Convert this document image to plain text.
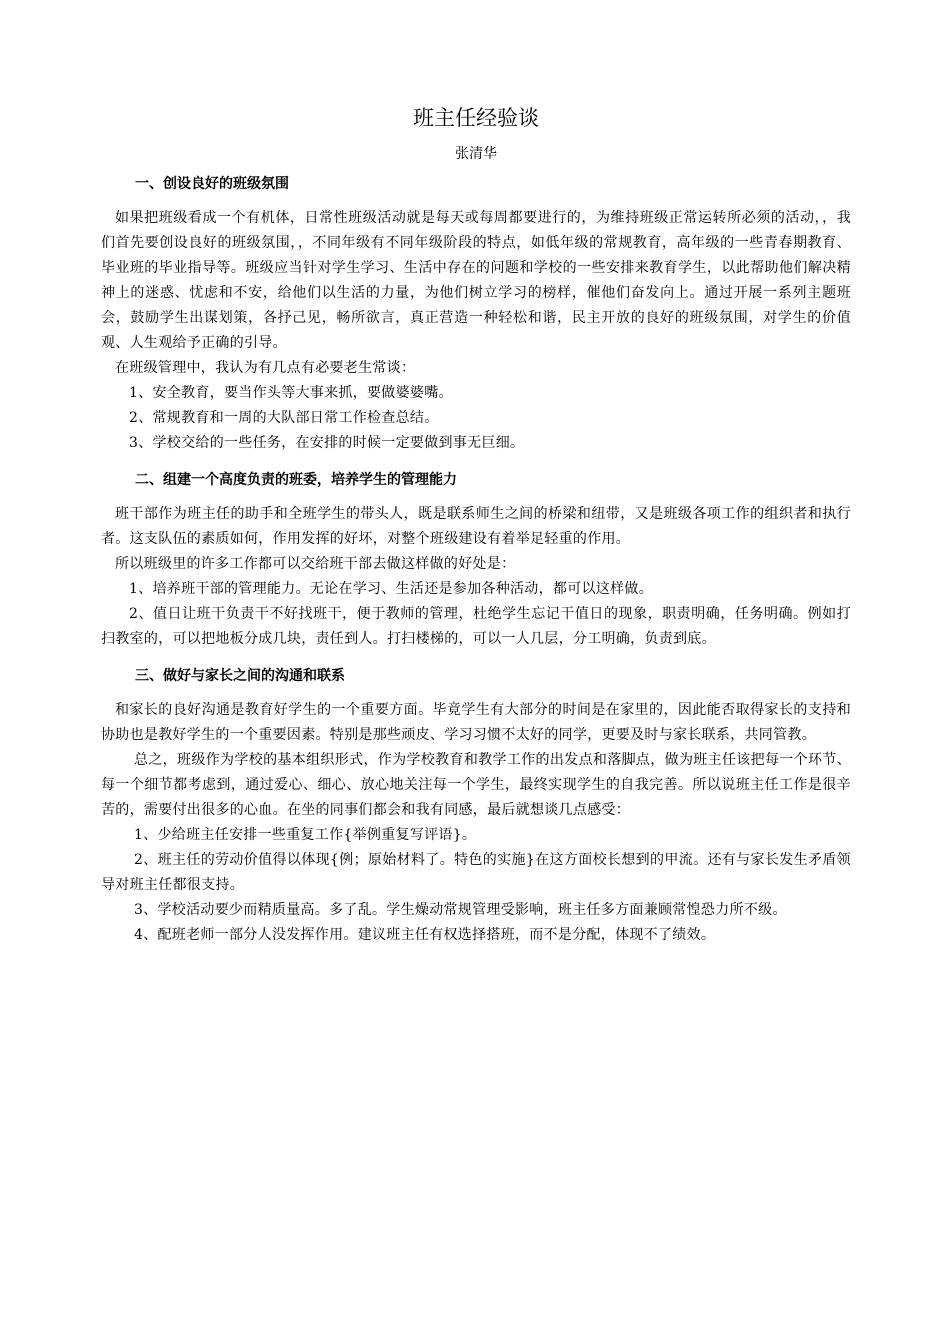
班主任经验谈

张清华

一、创设良好的班级氛围

如果把班级看成一个有机体，日常性班级活动就是每天或每周都要进行的，为维持班级正常运转所必须的活动，，我们首先要创设良好的班级氛围，，不同年级有不同年级阶段的特点，如低年级的常规教育，高年级的一些青春期教育、毕业班的毕业指导等。班级应当针对学生学习、生活中存在的问题和学校的一些安排来教育学生，以此帮助他们解决精神上的迷惑、忧虑和不安，给他们以生活的力量，为他们树立学习的榜样，催他们奋发向上。通过开展一系列主题班会，鼓励学生出谋划策，各抒己见，畅所欲言，真正营造一种轻松和谐，民主开放的良好的班级氛围，对学生的价值观、人生观给予正确的引导。

在班级管理中，我认为有几点有必要老生常谈：

1、安全教育，要当作头等大事来抓，要做婆婆嘴。

2、常规教育和一周的大队部日常工作检查总结。

3、学校交给的一些任务，在安排的时候一定要做到事无巨细。

二、组建一个高度负责的班委，培养学生的管理能力

班干部作为班主任的助手和全班学生的带头人，既是联系师生之间的桥梁和纽带，又是班级各项工作的组织者和执行者。这支队伍的素质如何，作用发挥的好坏，对整个班级建设有着举足轻重的作用。

所以班级里的许多工作都可以交给班干部去做这样做的好处是：

1、培养班干部的管理能力。无论在学习、生活还是参加各种活动，都可以这样做。

2、值日让班干负责干不好找班干，便于教师的管理，杜绝学生忘记干值日的现象，职责明确，任务明确。例如打扫教室的，可以把地板分成几块，责任到人。打扫楼梯的，可以一人几层，分工明确，负责到底。

三、做好与家长之间的沟通和联系

和家长的良好沟通是教育好学生的一个重要方面。毕竟学生有大部分的时间是在家里的，因此能否取得家长的支持和协助也是教好学生的一个重要因素。特别是那些顽皮、学习习惯不太好的同学，更要及时与家长联系，共同管教。

总之，班级作为学校的基本组织形式，作为学校教育和教学工作的出发点和落脚点，做为班主任该把每一个环节、每一个细节都考虑到，通过爱心、细心、放心地关注每一个学生，最终实现学生的自我完善。所以说班主任工作是很辛苦的，需要付出很多的心血。在坐的同事们都会和我有同感，最后就想谈几点感受：

1、少给班主任安排一些重复工作{举例重复写评语}。

2、班主任的劳动价值得以体现{例；原始材料了。特色的实施}在这方面校长想到的甲流。还有与家长发生矛盾领导对班主任都很支持。

3、学校活动要少而精质量高。多了乱。学生燥动常规管理受影响，班主任多方面兼顾常惶恐力所不级。

4、配班老师一部分人没发挥作用。建议班主任有权选择搭班，而不是分配，体现不了绩效。
